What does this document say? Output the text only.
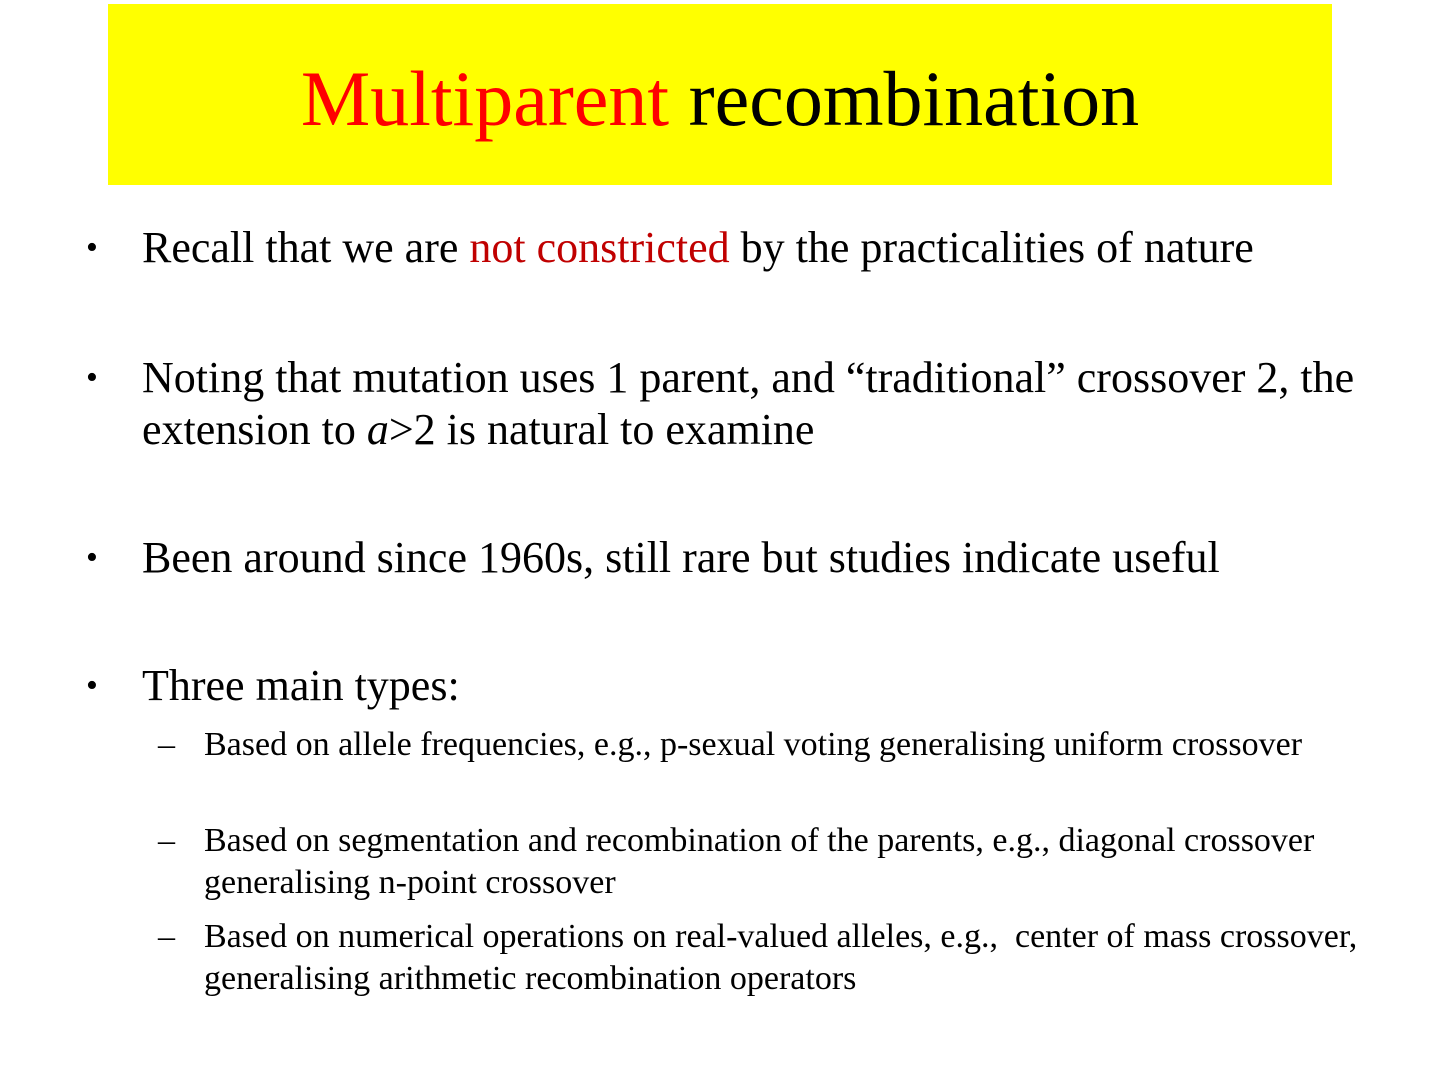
Multiparent recombination
• Recall that we are not constricted by the practicalities of nature
• Noting that mutation uses 1 parent, and “traditional” crossover 2, the extension to a>2 is natural to examine
• Been around since 1960s, still rare but studies indicate useful
• Three main types:
– Based on allele frequencies, e.g., p-sexual voting generalising uniform crossover
– Based on segmentation and recombination of the parents, e.g., diagonal crossover generalising n-point crossover
– Based on numerical operations on real-valued alleles, e.g.,  center of mass crossover, generalising arithmetic recombination operators
